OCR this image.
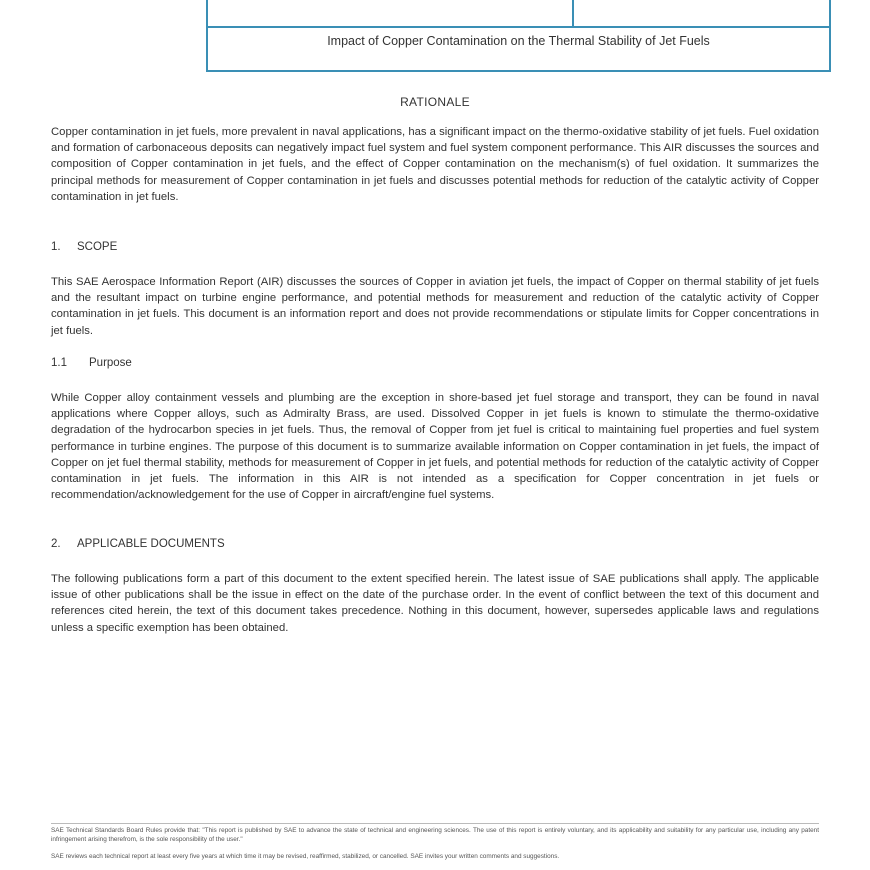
Impact of Copper Contamination on the Thermal Stability of Jet Fuels
RATIONALE

Copper contamination in jet fuels, more prevalent in naval applications, has a significant impact on the thermo-oxidative stability of jet fuels. Fuel oxidation and formation of carbonaceous deposits can negatively impact fuel system and fuel system component performance. This AIR discusses the sources and composition of Copper contamination in jet fuels, and the effect of Copper contamination on the mechanism(s) of fuel oxidation. It summarizes the principal methods for measurement of Copper contamination in jet fuels and discusses potential methods for reduction of the catalytic activity of Copper contamination in jet fuels.

1. SCOPE

This SAE Aerospace Information Report (AIR) discusses the sources of Copper in aviation jet fuels, the impact of Copper on thermal stability of jet fuels and the resultant impact on turbine engine performance, and potential methods for measurement and reduction of the catalytic activity of Copper contamination in jet fuels. This document is an information report and does not provide recommendations or stipulate limits for Copper concentrations in jet fuels.

1.1 Purpose

While Copper alloy containment vessels and plumbing are the exception in shore-based jet fuel storage and transport, they can be found in naval applications where Copper alloys, such as Admiralty Brass, are used. Dissolved Copper in jet fuels is known to stimulate the thermo-oxidative degradation of the hydrocarbon species in jet fuels. Thus, the removal of Copper from jet fuel is critical to maintaining fuel properties and fuel system performance in turbine engines. The purpose of this document is to summarize available information on Copper contamination in jet fuels, the impact of Copper on jet fuel thermal stability, methods for measurement of Copper in jet fuels, and potential methods for reduction of the catalytic activity of Copper contamination in jet fuels. The information in this AIR is not intended as a specification for Copper concentration in jet fuels or recommendation/acknowledgement for the use of Copper in aircraft/engine fuel systems.

2. APPLICABLE DOCUMENTS

The following publications form a part of this document to the extent specified herein. The latest issue of SAE publications shall apply. The applicable issue of other publications shall be the issue in effect on the date of the purchase order. In the event of conflict between the text of this document and references cited herein, the text of this document takes precedence. Nothing in this document, however, supersedes applicable laws and regulations unless a specific exemption has been obtained.

SAE Technical Standards Board Rules provide that: "This report is published by SAE to advance the state of technical and engineering sciences. The use of this report is entirely voluntary, and its applicability and suitability for any particular use, including any patent infringement arising therefrom, is the sole responsibility of the user."

SAE reviews each technical report at least every five years at which time it may be revised, reaffirmed, stabilized, or cancelled. SAE invites your written comments and suggestions.
